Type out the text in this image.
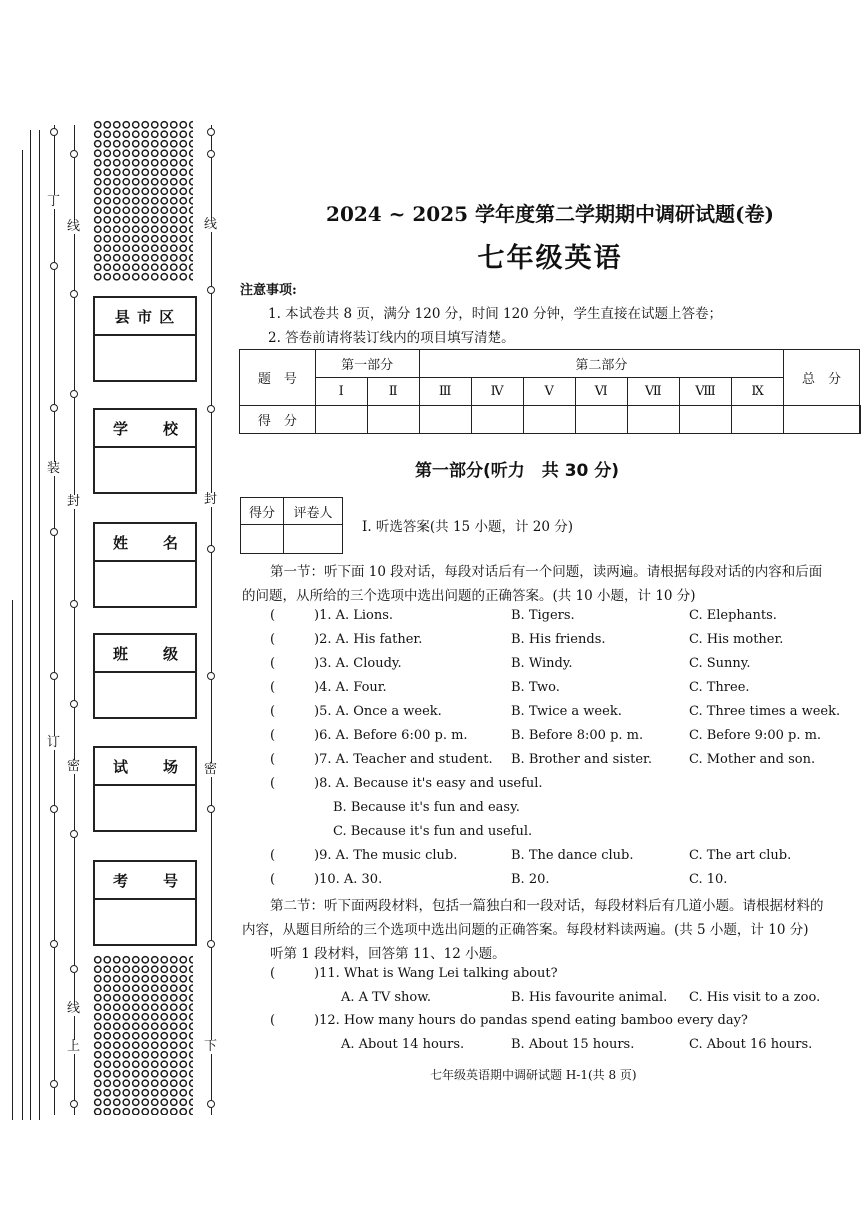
丁
装
订
线
封
密
线
上
线
封
密
下
县 市 区
学 校
姓 名
班 级
试 场
考 号
2024 ~ 2025 学年度第二学期期中调研试题(卷)
七年级英语
注意事项:
1. 本试卷共 8 页，满分 120 分，时间 120 分钟，学生直接在试题上答卷；
2. 答卷前请将装订线内的项目填写清楚。
题　号	第一部分		第二部分							总　分	
	Ⅰ	Ⅱ	Ⅲ	Ⅳ	Ⅴ	Ⅵ	Ⅶ	Ⅷ	Ⅸ		
得　分											
第一部分(听力　共 30 分)
得分	评卷人

Ⅰ. 听选答案(共 15 小题，计 20 分)
第一节：听下面 10 段对话，每段对话后有一个问题，读两遍。请根据每段对话的内容和后面
的问题，从所给的三个选项中选出问题的正确答案。(共 10 小题，计 10 分)
(	)1. A. Lions.	B. Tigers.	C. Elephants.
(	)2. A. His father.	B. His friends.	C. His mother.
(	)3. A. Cloudy.	B. Windy.	C. Sunny.
(	)4. A. Four.	B. Two.	C. Three.
(	)5. A. Once a week.	B. Twice a week.	C. Three times a week.
(	)6. A. Before 6:00 p. m.	B. Before 8:00 p. m.	C. Before 9:00 p. m.
(	)7. A. Teacher and student. B. Brother and sister.	C. Mother and son.
(	)8. A. Because it's easy and useful.
B. Because it's fun and easy.
C. Because it's fun and useful.
(	)9. A. The music club.	B. The dance club.	C. The art club.
(	)10. A. 30.	B. 20.	C. 10.
第二节：听下面两段材料，包括一篇独白和一段对话，每段材料后有几道小题。请根据材料的
内容，从题目所给的三个选项中选出问题的正确答案。每段材料读两遍。(共 5 小题，计 10 分)
听第 1 段材料，回答第 11、12 小题。
(	)11. What is Wang Lei talking about?
A. A TV show.	B. His favourite animal. C. His visit to a zoo.
(	)12. How many hours do pandas spend eating bamboo every day?
A. About 14 hours.	B. About 15 hours.	C. About 16 hours.
七年级英语期中调研试题 H-1(共 8 页)
